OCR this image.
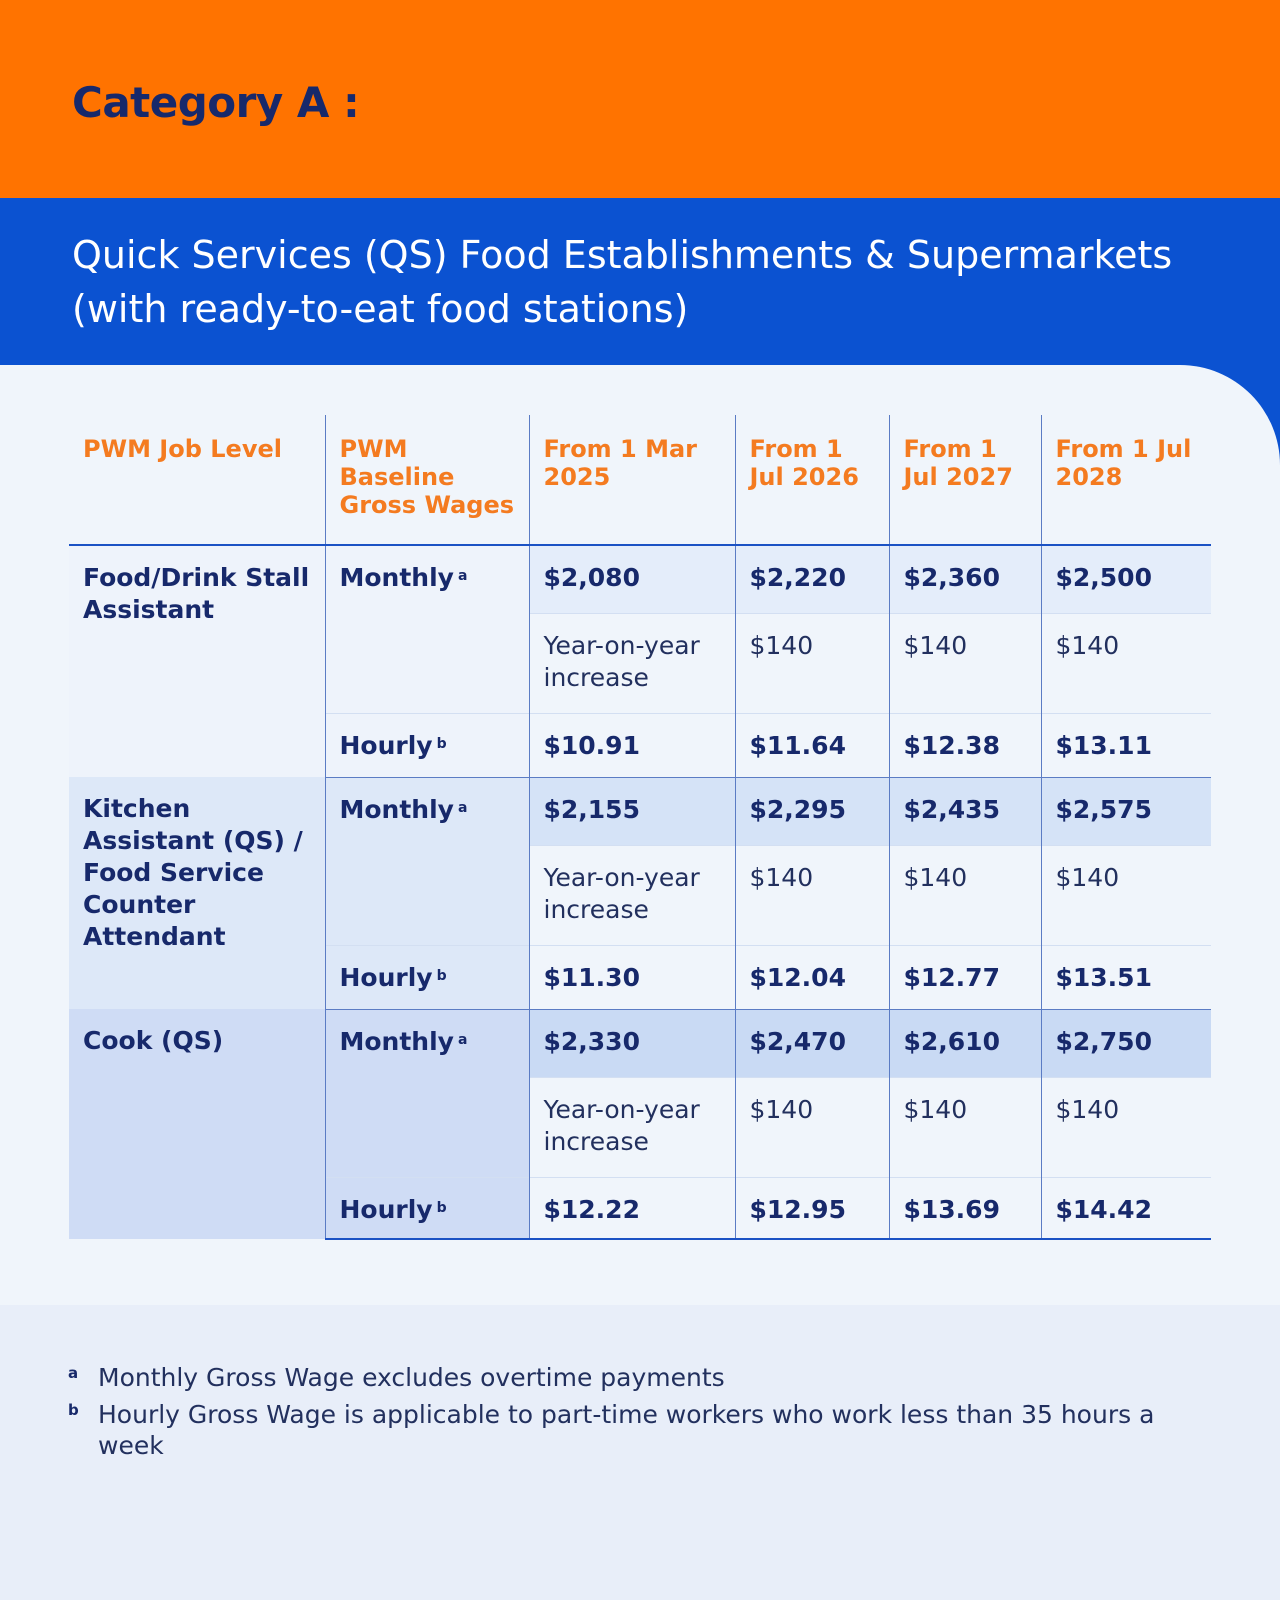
Category A :
Quick Services (QS) Food Establishments & Supermarkets (with ready-to-eat food stations)
PWM Job Level	PWM Baseline Gross Wages	From 1 Mar 2025	From 1 Jul 2026	From 1 Jul 2027	From 1 Jul 2028
Food/Drink Stall Assistant	Monthly $^a$	$2,080	$2,220	$2,360	$2,500
		Year-on-year increase	$140	$140	$140
	Hourly $^b$	$10.91	$11.64	$12.38	$13.11
Kitchen Assistant (QS) / Food Service Counter Attendant	Monthly $^a$	$2,155	$2,295	$2,435	$2,575
		Year-on-year increase	$140	$140	$140
	Hourly $^b$	$11.30	$12.04	$12.77	$13.51
Cook (QS)	Monthly $^a$	$2,330	$2,470	$2,610	$2,750
		Year-on-year increase	$140	$140	$140
	Hourly $^b$	$12.22	$12.95	$13.69	$14.42
a Monthly Gross Wage excludes overtime payments
b Hourly Gross Wage is applicable to part-time workers who work less than 35 hours a week
